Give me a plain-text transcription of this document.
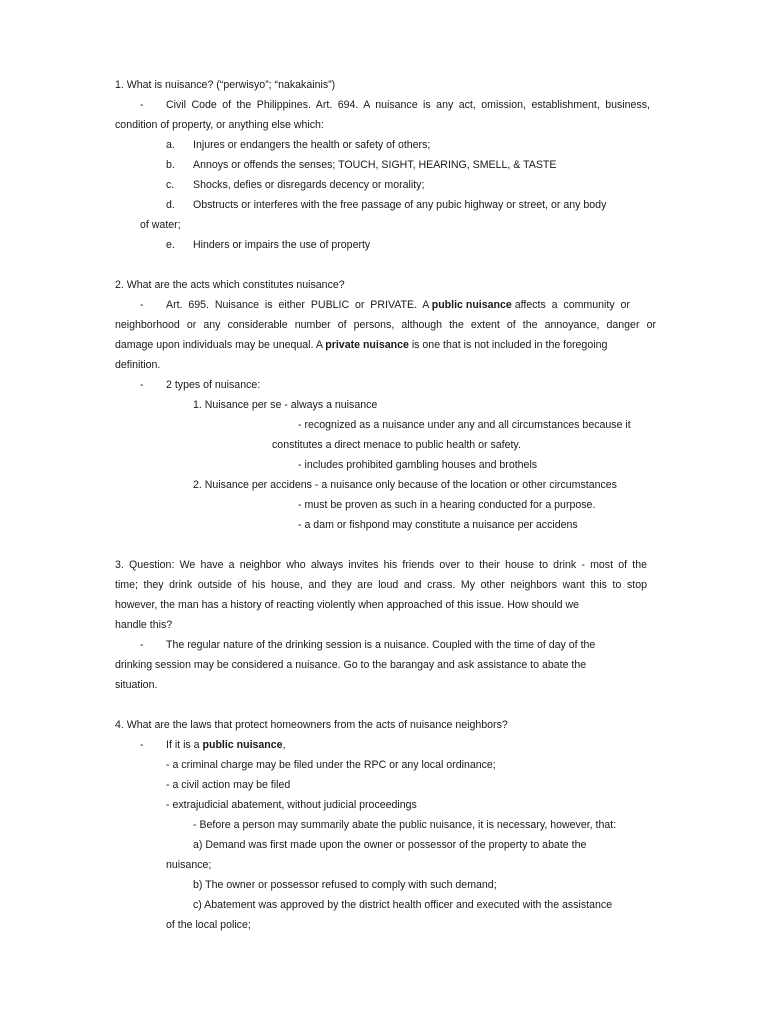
1. What is nuisance? (“perwisyo”; “nakakainis”)
- Civil Code of the Philippines. Art. 694. A nuisance is any act, omission, establishment, business,
condition of property, or anything else which:
a. Injures or endangers the health or safety of others;
b. Annoys or offends the senses; TOUCH, SIGHT, HEARING, SMELL, & TASTE
c. Shocks, defies or disregards decency or morality;
d. Obstructs or interferes with the free passage of any pubic highway or street, or any body
of water;
e. Hinders or impairs the use of property
2. What are the acts which constitutes nuisance?
- Art.  695.  Nuisance  is  either  PUBLIC  or  PRIVATE.  A public nuisance affects  a  community  or
neighborhood or any considerable number of persons, although the extent of the annoyance, danger or
damage upon individuals may be unequal. A private nuisance is one that is not included in the foregoing
definition.
- 2 types of nuisance:
1. Nuisance per se - always a nuisance
- recognized as a nuisance under any and all circumstances because it
constitutes a direct menace to public health or safety.
- includes prohibited gambling houses and brothels
2. Nuisance per accidens - a nuisance only because of the location or other circumstances
- must be proven as such in a hearing conducted for a purpose.
- a dam or fishpond may constitute a nuisance per accidens
3. Question: We have a neighbor who always invites his friends over to their house to drink - most of the
time; they drink outside of his house, and they are loud and crass. My other neighbors want this to stop
however, the man has a history of reacting violently when approached of this issue. How should we
handle this?
- The regular nature of the drinking session is a nuisance. Coupled with the time of day of the
drinking session may be considered a nuisance. Go to the barangay and ask assistance to abate the
situation.
4. What are the laws that protect homeowners from the acts of nuisance neighbors?
- If it is a public nuisance,
- a criminal charge may be filed under the RPC or any local ordinance;
- a civil action may be filed
- extrajudicial abatement, without judicial proceedings
- Before a person may summarily abate the public nuisance, it is necessary, however, that:
a) Demand was first made upon the owner or possessor of the property to abate the
nuisance;
b) The owner or possessor refused to comply with such demand;
c) Abatement was approved by the district health officer and executed with the assistance
of the local police;
